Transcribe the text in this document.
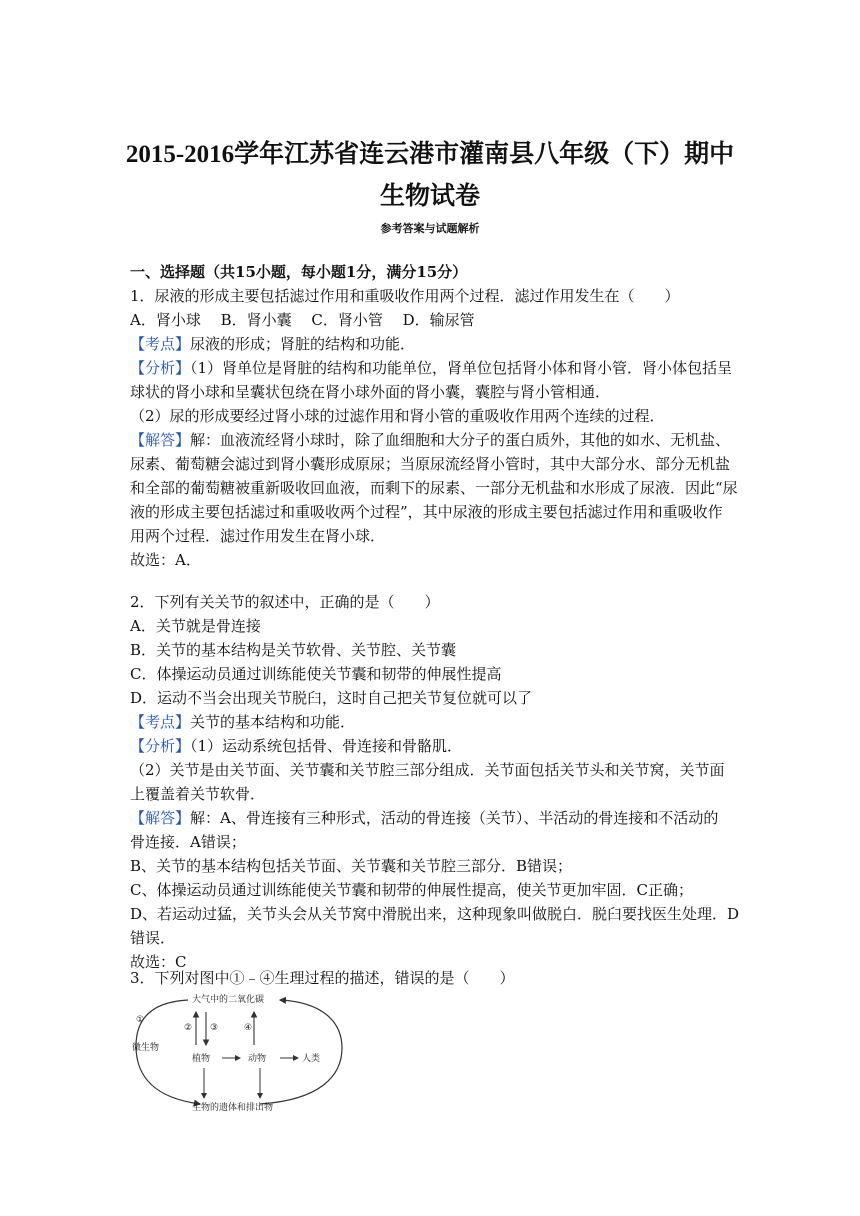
2015-2016学年江苏省连云港市灌南县八年级（下）期中
生物试卷
参考答案与试题解析
一、选择题（共15小题，每小题1分，满分15分）
1．尿液的形成主要包括滤过作用和重吸收作用两个过程．滤过作用发生在（　　）
A．肾小球　 B．肾小囊　 C．肾小管　 D．输尿管
【考点】尿液的形成；肾脏的结构和功能．
【分析】（1）肾单位是肾脏的结构和功能单位，肾单位包括肾小体和肾小管．肾小体包括呈
球状的肾小球和呈囊状包绕在肾小球外面的肾小囊，囊腔与肾小管相通．
（2）尿的形成要经过肾小球的过滤作用和肾小管的重吸收作用两个连续的过程．
【解答】解：血液流经肾小球时，除了血细胞和大分子的蛋白质外，其他的如水、无机盐、
尿素、葡萄糖会滤过到肾小囊形成原尿；当原尿流经肾小管时，其中大部分水、部分无机盐
和全部的葡萄糖被重新吸收回血液，而剩下的尿素、一部分无机盐和水形成了尿液．因此“尿
液的形成主要包括滤过和重吸收两个过程”，其中尿液的形成主要包括滤过作用和重吸收作
用两个过程．滤过作用发生在肾小球．
故选：A．
2．下列有关关节的叙述中，正确的是（　　）
A．关节就是骨连接
B．关节的基本结构是关节软骨、关节腔、关节囊
C．体操运动员通过训练能使关节囊和韧带的伸展性提高
D．运动不当会出现关节脱臼，这时自己把关节复位就可以了
【考点】关节的基本结构和功能．
【分析】（1）运动系统包括骨、骨连接和骨骼肌．
（2）关节是由关节面、关节囊和关节腔三部分组成．关节面包括关节头和关节窝，关节面
上覆盖着关节软骨．
【解答】解：A、骨连接有三种形式，活动的骨连接（关节）、半活动的骨连接和不活动的
骨连接．A错误；
B、关节的基本结构包括关节面、关节囊和关节腔三部分．B错误；
C、体操运动员通过训练能使关节囊和韧带的伸展性提高，使关节更加牢固．C正确；
D、若运动过猛，关节头会从关节窝中滑脱出来，这种现象叫做脱白．脱臼要找医生处理．D
错误．
故选：C
3．下列对图中①﹣④生理过程的描述，错误的是（　　）
大气中的二氧化碳
①
② ③	④
微生物
植物	动物	人类
生物的遗体和排出物
